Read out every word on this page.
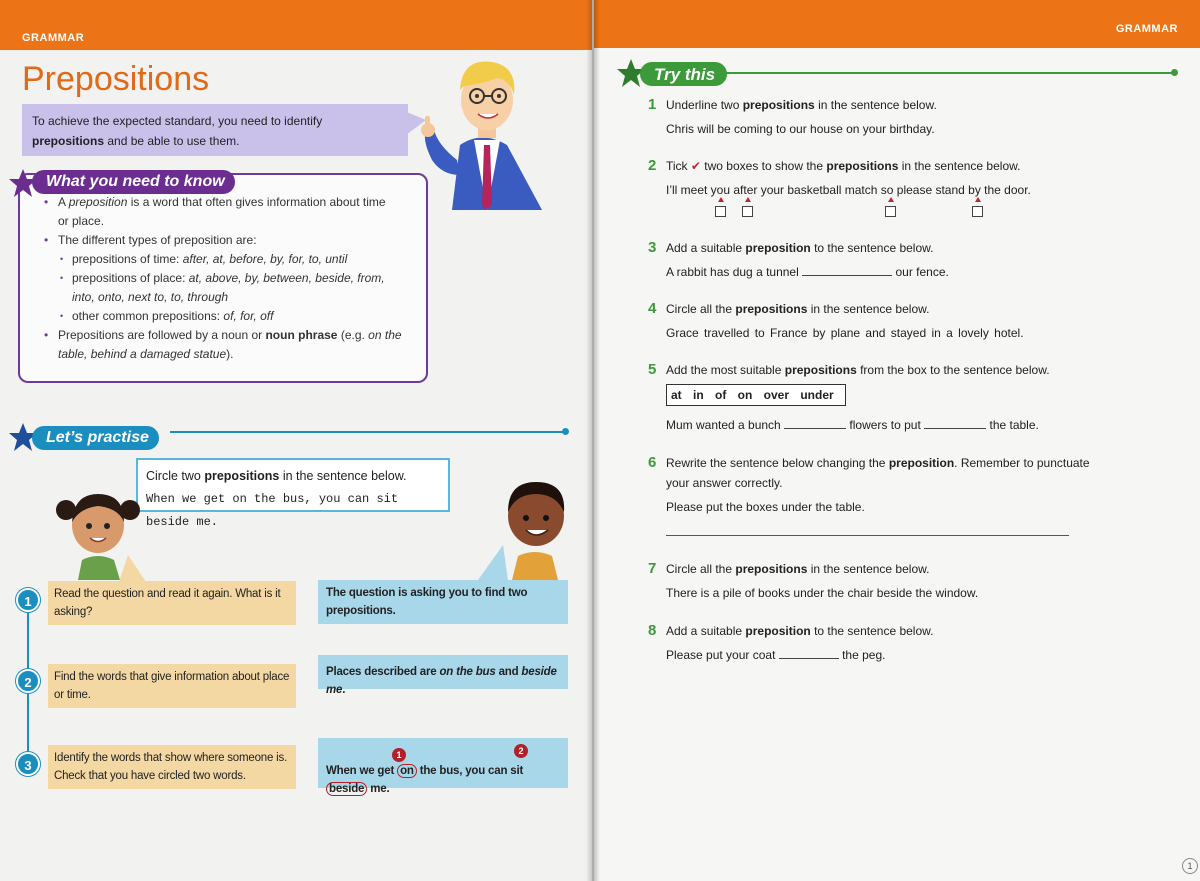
GRAMMAR
Prepositions
To achieve the expected standard, you need to identify
prepositions and be able to use them.
What you need to know
• A preposition is a word that often gives information about time
or place.
• The different types of preposition are:
• prepositions of time: after, at, before, by, for, to, until
• prepositions of place: at, above, by, between, beside, from,
into, onto, next to, to, through
• other common prepositions: of, for, off
• Prepositions are followed by a noun or noun phrase (e.g. on the
table, behind a damaged statue).
Let’s practise
Circle two prepositions in the sentence below.
When we get on the bus, you can sit beside me.
1	Read the question and read it again. What is it asking?
The question is asking you to find two prepositions.
2	Find the words that give information about place or time.
Places described are on the bus and beside me.
3	Identify the words that show where someone is. Check that you have circled two words.	When we get on the bus, you can sit beside me.
1	2
GRAMMAR
1
Try this
1 Underline two prepositions in the sentence below.
Chris will be coming to our house on your birthday.
2 Tick ✔ two boxes to show the prepositions in the sentence below.
I’ll meet you after your basketball match so please stand by the door.
3 Add a suitable preposition to the sentence below.
A rabbit has dug a tunnel	our fence.
4 Circle all the prepositions in the sentence below.
Grace travelled to France by plane and stayed in a lovely hotel.
5 Add the most suitable prepositions from the box to the sentence below.
at in of on over under
Mum wanted a bunch	flowers to put	the table.
6 Rewrite the sentence below changing the preposition. Remember to punctuate
your answer correctly.
Please put the boxes under the table.
7 Circle all the prepositions in the sentence below.
There is a pile of books under the chair beside the window.
8 Add a suitable preposition to the sentence below.
Please put your coat	the peg.
